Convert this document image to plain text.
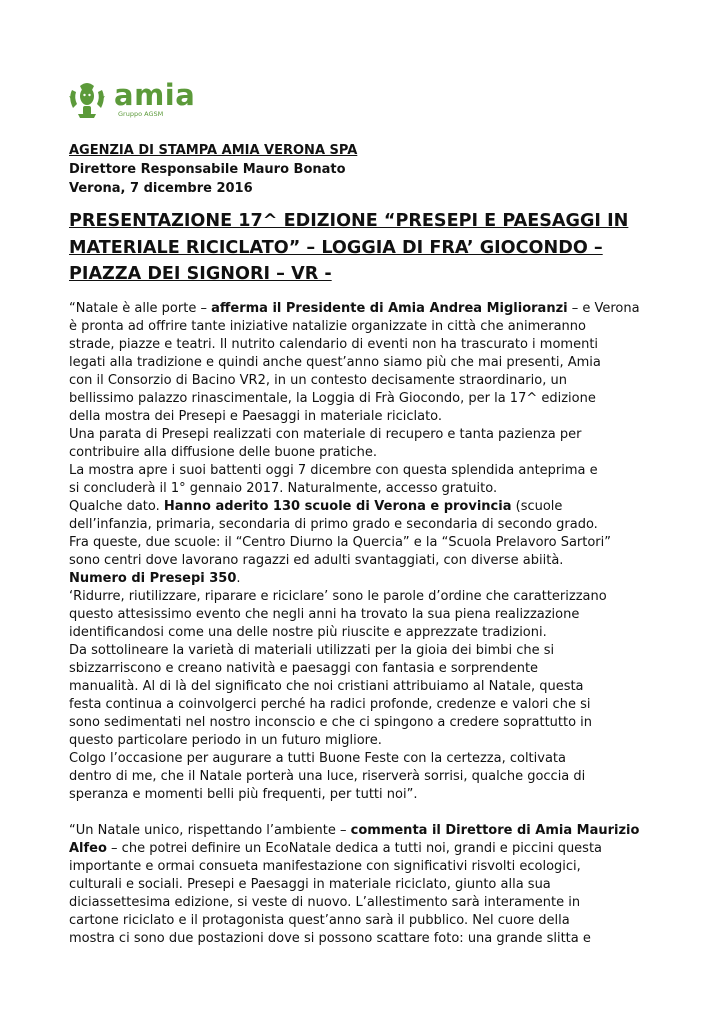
amia
Gruppo AGSM
AGENZIA DI STAMPA AMIA VERONA SPA
Direttore Responsabile Mauro Bonato
Verona, 7 dicembre 2016
PRESENTAZIONE 17^ EDIZIONE “PRESEPI E PAESAGGI IN
MATERIALE RICICLATO” – LOGGIA DI FRA’ GIOCONDO –
PIAZZA DEI SIGNORI – VR -
“Natale è alle porte – afferma il Presidente di Amia Andrea Miglioranzi – e Verona
è pronta ad offrire tante iniziative natalizie organizzate in città che animeranno
strade, piazze e teatri. Il nutrito calendario di eventi non ha trascurato i momenti
legati alla tradizione e quindi anche quest’anno siamo più che mai presenti, Amia
con il Consorzio di Bacino VR2, in un contesto decisamente straordinario, un
bellissimo palazzo rinascimentale, la Loggia di Frà Giocondo, per la 17^ edizione
della mostra dei Presepi e Paesaggi in materiale riciclato.
Una parata di Presepi realizzati con materiale di recupero e tanta pazienza per
contribuire alla diffusione delle buone pratiche.
La mostra apre i suoi battenti oggi 7 dicembre con questa splendida anteprima e
si concluderà il 1° gennaio 2017. Naturalmente, accesso gratuito.
Qualche dato. Hanno aderito 130 scuole di Verona e provincia (scuole
dell’infanzia, primaria, secondaria di primo grado e secondaria di secondo grado.
Fra queste, due scuole: il “Centro Diurno la Quercia” e la “Scuola Prelavoro Sartori”
sono centri dove lavorano ragazzi ed adulti svantaggiati, con diverse abiità.
Numero di Presepi 350.
‘Ridurre, riutilizzare, riparare e riciclare’ sono le parole d’ordine che caratterizzano
questo attesissimo evento che negli anni ha trovato la sua piena realizzazione
identificandosi come una delle nostre più riuscite e apprezzate tradizioni.
Da sottolineare la varietà di materiali utilizzati per la gioia dei bimbi che si
sbizzarriscono e creano natività e paesaggi con fantasia e sorprendente
manualità. Al di là del significato che noi cristiani attribuiamo al Natale, questa
festa continua a coinvolgerci perché ha radici profonde, credenze e valori che si
sono sedimentati nel nostro inconscio e che ci spingono a credere soprattutto in
questo particolare periodo in un futuro migliore.
Colgo l’occasione per augurare a tutti Buone Feste con la certezza, coltivata
dentro di me, che il Natale porterà una luce, riserverà sorrisi, qualche goccia di
speranza e momenti belli più frequenti, per tutti noi”.
“Un Natale unico, rispettando l’ambiente – commenta il Direttore di Amia Maurizio
Alfeo – che potrei definire un EcoNatale dedica a tutti noi, grandi e piccini questa
importante e ormai consueta manifestazione con significativi risvolti ecologici,
culturali e sociali. Presepi e Paesaggi in materiale riciclato, giunto alla sua
diciassettesima edizione, si veste di nuovo. L’allestimento sarà interamente in
cartone riciclato e il protagonista quest’anno sarà il pubblico. Nel cuore della
mostra ci sono due postazioni dove si possono scattare foto: una grande slitta e
